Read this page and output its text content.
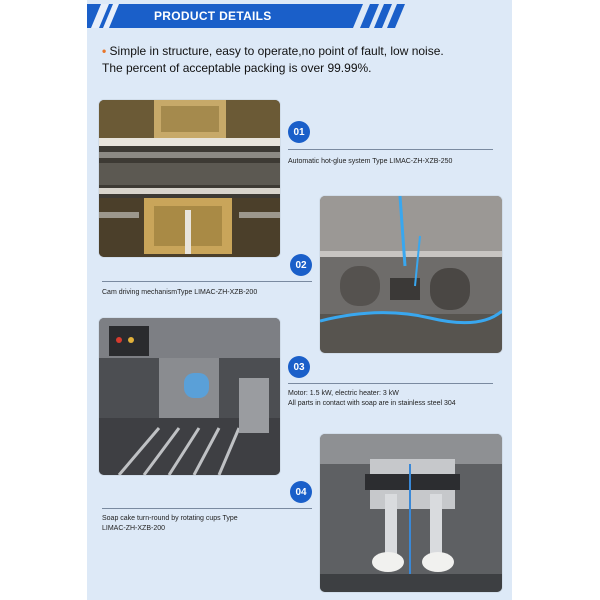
PRODUCT DETAILS
• Simple in structure, easy to operate,no point of fault, low noise.
The percent of acceptable packing is over 99.99%.
01
Automatic hot-glue system Type LIMAC-ZH-XZB-250
02
Cam driving mechanismType LIMAC-ZH-XZB-200
03
Motor: 1.5 kW, electric heater: 3 kW
All parts in contact with soap are in stainless steel 304
04
Soap cake turn-round by rotating cups Type
LIMAC-ZH-XZB-200
